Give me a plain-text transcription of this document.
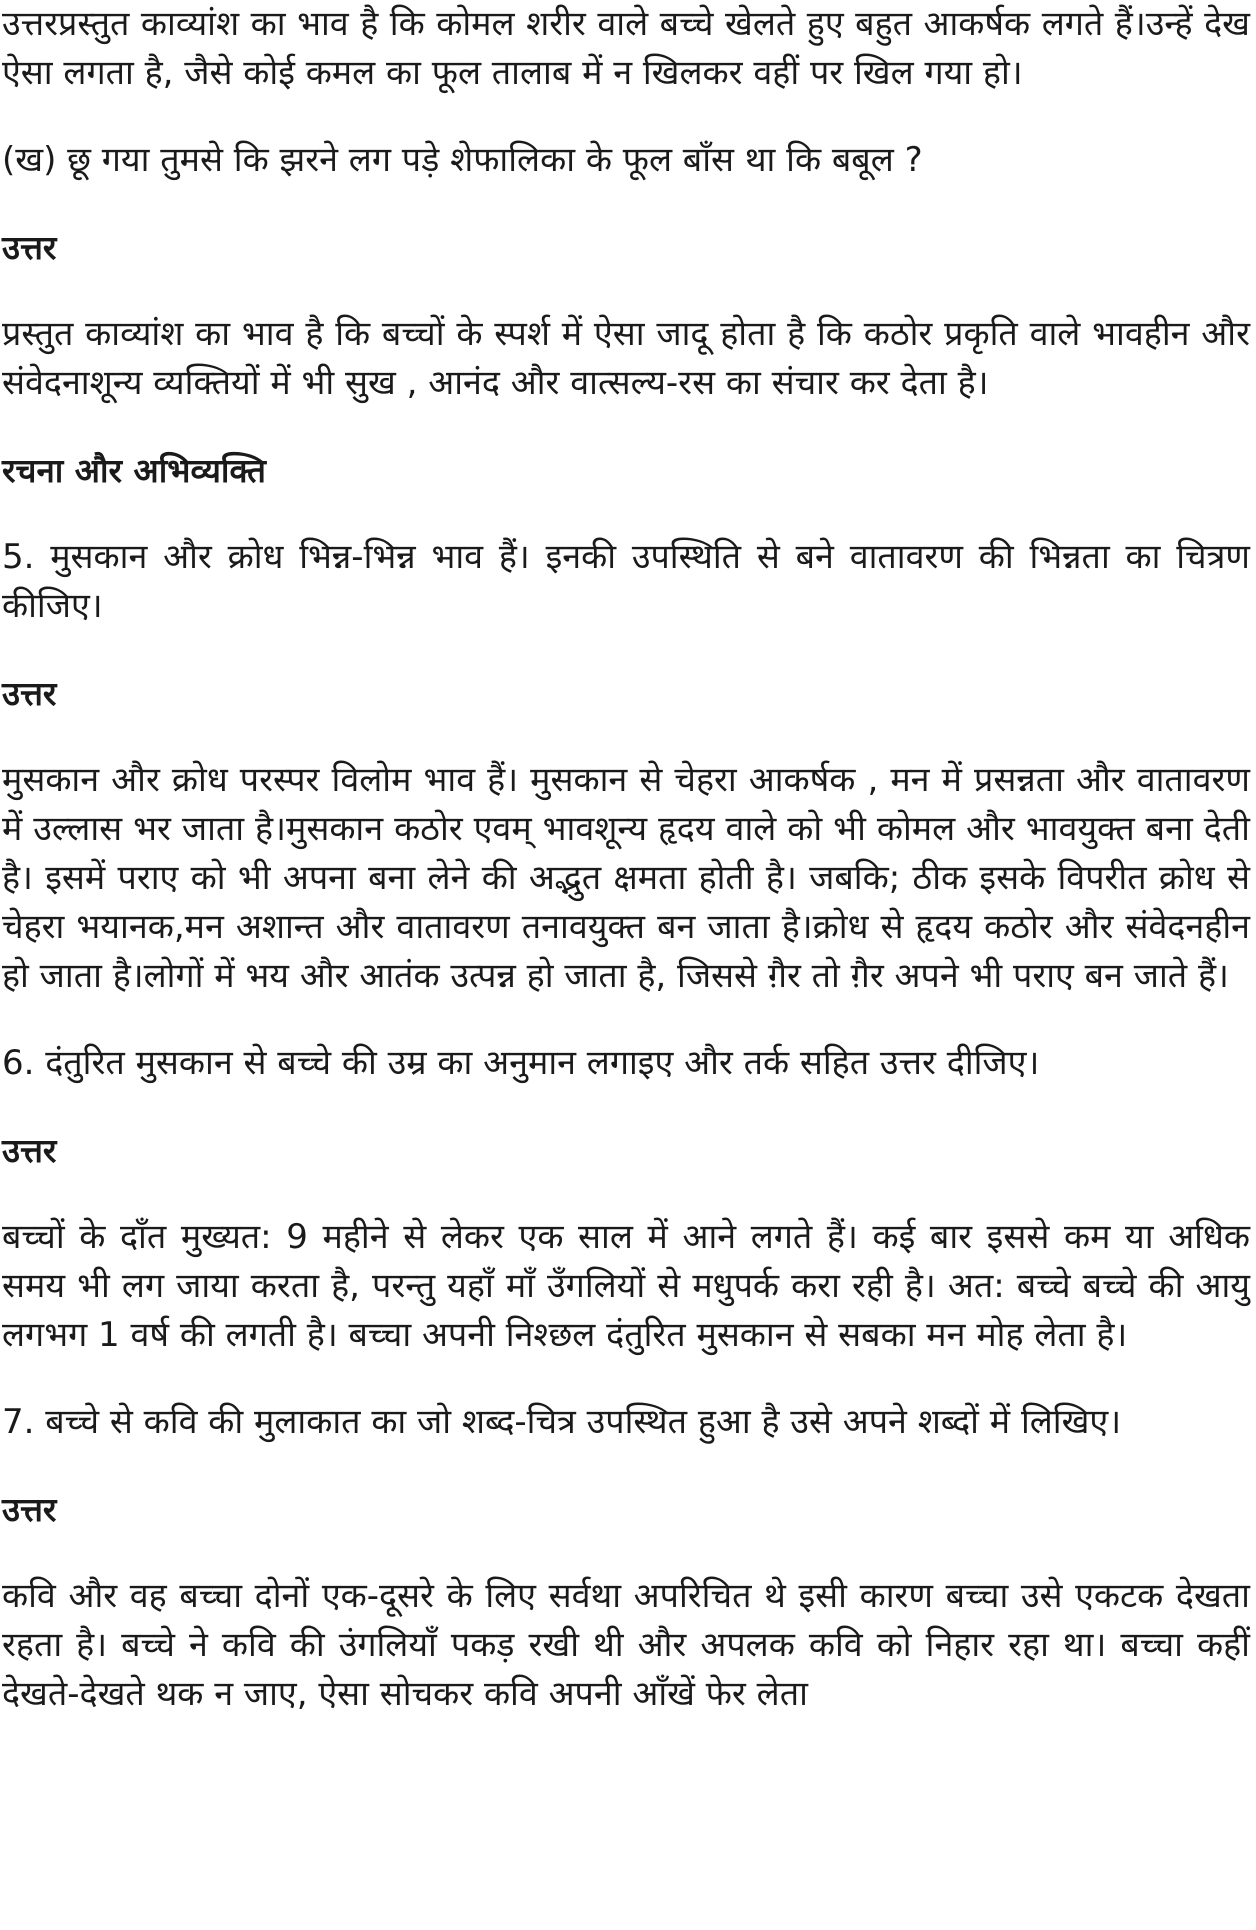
उत्तरप्रस्तुत काव्यांश का भाव है कि कोमल शरीर वाले बच्चे खेलते हुए बहुत आकर्षक लगते हैं।उन्हें देख ऐसा लगता है, जैसे कोई कमल का फूल तालाब में न खिलकर वहीं पर खिल गया हो।

(ख) छू गया तुमसे कि झरने लग पड़े शेफालिका के फूल बाँस था कि बबूल ?

उत्तर

प्रस्तुत काव्यांश का भाव है कि बच्चों के स्पर्श में ऐसा जादू होता है कि कठोर प्रकृति वाले भावहीन और संवेदनाशून्य व्यक्तियों में भी सुख , आनंद और वात्सल्य-रस का संचार कर देता है।

रचना और अभिव्यक्ति

5. मुसकान और क्रोध भिन्न-भिन्न भाव हैं। इनकी उपस्थिति से बने वातावरण की भिन्नता का चित्रण कीजिए।

उत्तर

मुसकान और क्रोध परस्पर विलोम भाव हैं। मुसकान से चेहरा आकर्षक , मन में प्रसन्नता और वातावरण में उल्लास भर जाता है।मुसकान कठोर एवम् भावशून्य हृदय वाले को भी कोमल और भावयुक्त बना देती है। इसमें पराए को भी अपना बना लेने की अद्भुत क्षमता होती है। जबकि; ठीक इसके विपरीत क्रोध से चेहरा भयानक,मन अशान्त और वातावरण तनावयुक्त बन जाता है।क्रोध से हृदय कठोर और संवेदनहीन हो जाता है।लोगों में भय और आतंक उत्पन्न हो जाता है, जिससे ग़ैर तो ग़ैर अपने भी पराए बन जाते हैं।

6. दंतुरित मुसकान से बच्चे की उम्र का अनुमान लगाइए और तर्क सहित उत्तर दीजिए।

उत्तर

बच्चों के दाँत मुख्यत: 9 महीने से लेकर एक साल में आने लगते हैं। कई बार इससे कम या अधिक समय भी लग जाया करता है, परन्तु यहाँ माँ उँगलियों से मधुपर्क करा रही है। अत: बच्चे बच्चे की आयु लगभग 1 वर्ष की लगती है। बच्चा अपनी निश्छल दंतुरित मुसकान से सबका मन मोह लेता है।

7. बच्चे से कवि की मुलाकात का जो शब्द-चित्र उपस्थित हुआ है उसे अपने शब्दों में लिखिए।

उत्तर

कवि और वह बच्चा दोनों एक-दूसरे के लिए सर्वथा अपरिचित थे इसी कारण बच्चा उसे एकटक देखता रहता है। बच्चे ने कवि की उंगलियाँ पकड़ रखी थी और अपलक कवि को निहार रहा था। बच्चा कहीं देखते-देखते थक न जाए, ऐसा सोचकर कवि अपनी आँखें फेर लेता
